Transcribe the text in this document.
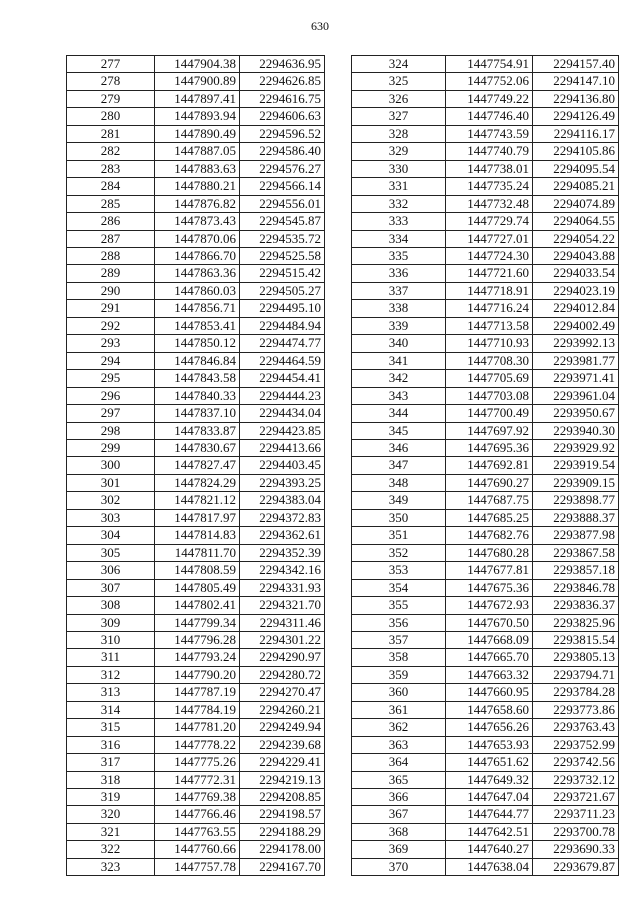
630
277	1447904.38	2294636.95
278	1447900.89	2294626.85
279	1447897.41	2294616.75
280	1447893.94	2294606.63
281	1447890.49	2294596.52
282	1447887.05	2294586.40
283	1447883.63	2294576.27
284	1447880.21	2294566.14
285	1447876.82	2294556.01
286	1447873.43	2294545.87
287	1447870.06	2294535.72
288	1447866.70	2294525.58
289	1447863.36	2294515.42
290	1447860.03	2294505.27
291	1447856.71	2294495.10
292	1447853.41	2294484.94
293	1447850.12	2294474.77
294	1447846.84	2294464.59
295	1447843.58	2294454.41
296	1447840.33	2294444.23
297	1447837.10	2294434.04
298	1447833.87	2294423.85
299	1447830.67	2294413.66
300	1447827.47	2294403.45
301	1447824.29	2294393.25
302	1447821.12	2294383.04
303	1447817.97	2294372.83
304	1447814.83	2294362.61
305	1447811.70	2294352.39
306	1447808.59	2294342.16
307	1447805.49	2294331.93
308	1447802.41	2294321.70
309	1447799.34	2294311.46
310	1447796.28	2294301.22
311	1447793.24	2294290.97
312	1447790.20	2294280.72
313	1447787.19	2294270.47
314	1447784.19	2294260.21
315	1447781.20	2294249.94
316	1447778.22	2294239.68
317	1447775.26	2294229.41
318	1447772.31	2294219.13
319	1447769.38	2294208.85
320	1447766.46	2294198.57
321	1447763.55	2294188.29
322	1447760.66	2294178.00
323	1447757.78	2294167.70
324	1447754.91	2294157.40
325	1447752.06	2294147.10
326	1447749.22	2294136.80
327	1447746.40	2294126.49
328	1447743.59	2294116.17
329	1447740.79	2294105.86
330	1447738.01	2294095.54
331	1447735.24	2294085.21
332	1447732.48	2294074.89
333	1447729.74	2294064.55
334	1447727.01	2294054.22
335	1447724.30	2294043.88
336	1447721.60	2294033.54
337	1447718.91	2294023.19
338	1447716.24	2294012.84
339	1447713.58	2294002.49
340	1447710.93	2293992.13
341	1447708.30	2293981.77
342	1447705.69	2293971.41
343	1447703.08	2293961.04
344	1447700.49	2293950.67
345	1447697.92	2293940.30
346	1447695.36	2293929.92
347	1447692.81	2293919.54
348	1447690.27	2293909.15
349	1447687.75	2293898.77
350	1447685.25	2293888.37
351	1447682.76	2293877.98
352	1447680.28	2293867.58
353	1447677.81	2293857.18
354	1447675.36	2293846.78
355	1447672.93	2293836.37
356	1447670.50	2293825.96
357	1447668.09	2293815.54
358	1447665.70	2293805.13
359	1447663.32	2293794.71
360	1447660.95	2293784.28
361	1447658.60	2293773.86
362	1447656.26	2293763.43
363	1447653.93	2293752.99
364	1447651.62	2293742.56
365	1447649.32	2293732.12
366	1447647.04	2293721.67
367	1447644.77	2293711.23
368	1447642.51	2293700.78
369	1447640.27	2293690.33
370	1447638.04	2293679.87
